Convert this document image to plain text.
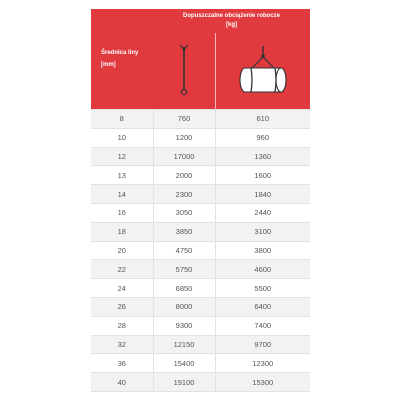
Średnica liny
[mm]	Dopuszczalne obciążenie robocze
[kg]	

8	760	610
10	1200	960
12	17000	1360
13	2000	1600
14	2300	1840
16	3050	2440
18	3850	3100
20	4750	3800
22	5750	4600
24	6850	5500
26	8000	6400
28	9300	7400
32	12150	9700
36	15400	12300
40	19100	15300
